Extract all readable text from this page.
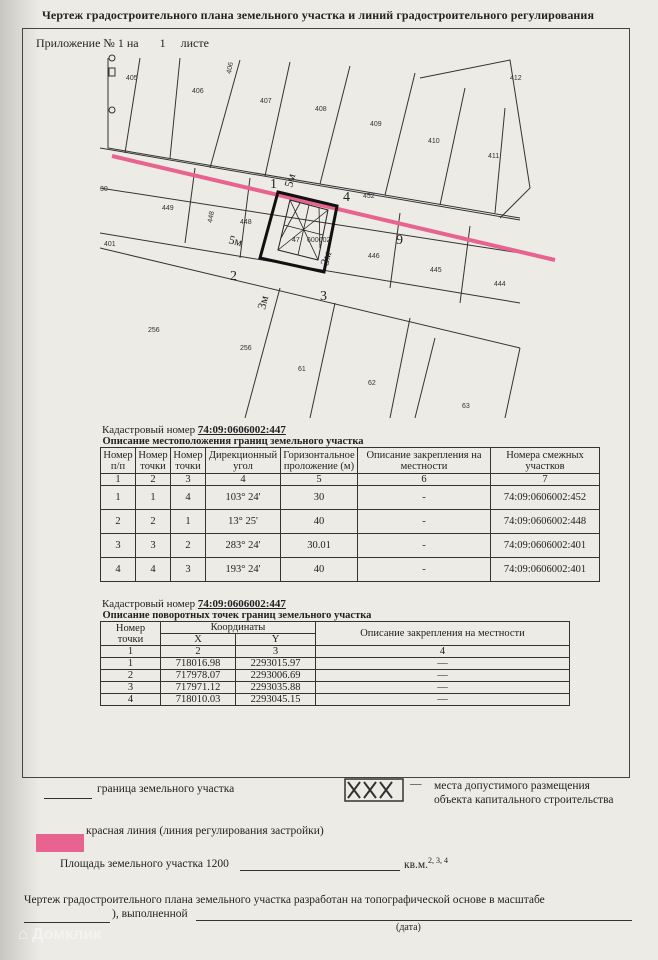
Чертеж градостроительного плана земельного участка и линий градостроительного регулирования
Приложение № 1 на       1     листе
405
406
406
407
408
409
410
411
412
449
448	448
452
446
445
444
256
256
61
62
63
401
30
47 600002	9
1
2
3
4
5м
5м
3м
3м
Кадастровый номер 74:09:0606002:447
Описание местоположения границ земельного участка						
Номер п/п	Номер точки	Номер точки	Дирекционный угол	Горизонтальное проложение (м)	Описание закрепления на местности	Номера смежных участков
1	2	3	4	5	6	7
1	1	4	103° 24'	30	-	74:09:0606002:452
2	2	1	13° 25'	40	-	74:09:0606002:448
3	3	2	283° 24'	30.01	-	74:09:0606002:401
4	4	3	193° 24'	40	-	74:09:0606002:401
Кадастровый номер 74:09:0606002:447
Описание поворотных точек границ земельного участка			
Номер точки	Координаты		Описание закрепления на местности
	X	Y	
1	2	3	4
1	718016.98	2293015.97	—
2	717978.07	2293006.69	—
3	717971.12	2293035.88	—
4	718010.03	2293045.15	—
граница земельного участка	— места допустимого размещения
объекта капитального строительства
красная линия (линия регулирования застройки)
Площадь земельного участка 1200	кв.м.$^{2, 3, 4}$
Чертеж градостроительного плана земельного участка разработан на топографической основе в масштабе
), выполненной
(дата)
⌂ Домклик
